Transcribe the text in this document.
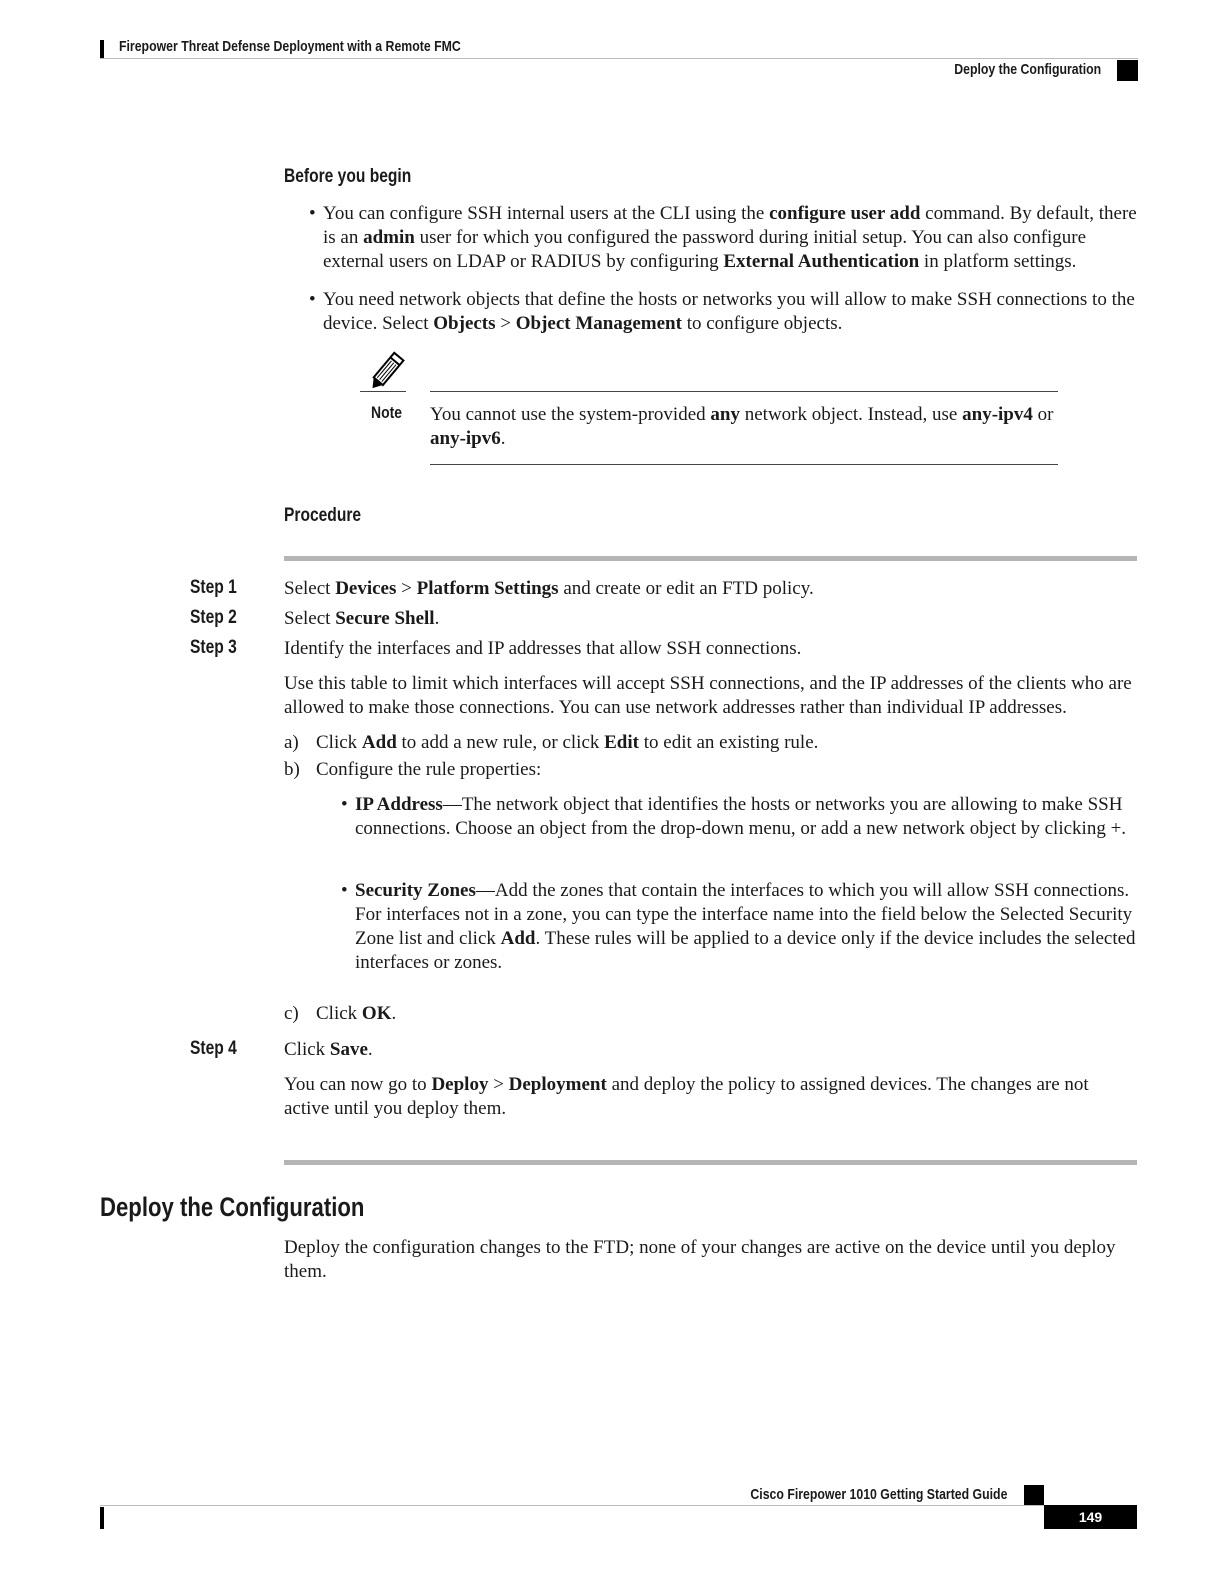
Firepower Threat Defense Deployment with a Remote FMC
Deploy the Configuration
Before you begin
• You can configure SSH internal users at the CLI using the configure user add command. By default, there is an admin user for which you configured the password during initial setup. You can also configure external users on LDAP or RADIUS by configuring External Authentication in platform settings.
• You need network objects that define the hosts or networks you will allow to make SSH connections to the device. Select Objects > Object Management to configure objects.
Note	You cannot use the system-provided any network object. Instead, use any-ipv4 or any-ipv6.
Procedure
Step 1	Select Devices > Platform Settings and create or edit an FTD policy.
Step 2	Select Secure Shell.
Step 3	Identify the interfaces and IP addresses that allow SSH connections.
Use this table to limit which interfaces will accept SSH connections, and the IP addresses of the clients who are allowed to make those connections. You can use network addresses rather than individual IP addresses.
a) Click Add to add a new rule, or click Edit to edit an existing rule.
b) Configure the rule properties:
• IP Address—The network object that identifies the hosts or networks you are allowing to make SSH connections. Choose an object from the drop-down menu, or add a new network object by clicking +.
• Security Zones—Add the zones that contain the interfaces to which you will allow SSH connections. For interfaces not in a zone, you can type the interface name into the field below the Selected Security Zone list and click Add. These rules will be applied to a device only if the device includes the selected interfaces or zones.
c) Click OK.
Step 4	Click Save.
You can now go to Deploy > Deployment and deploy the policy to assigned devices. The changes are not active until you deploy them.
Deploy the Configuration
Deploy the configuration changes to the FTD; none of your changes are active on the device until you deploy them.
Cisco Firepower 1010 Getting Started Guide
149
